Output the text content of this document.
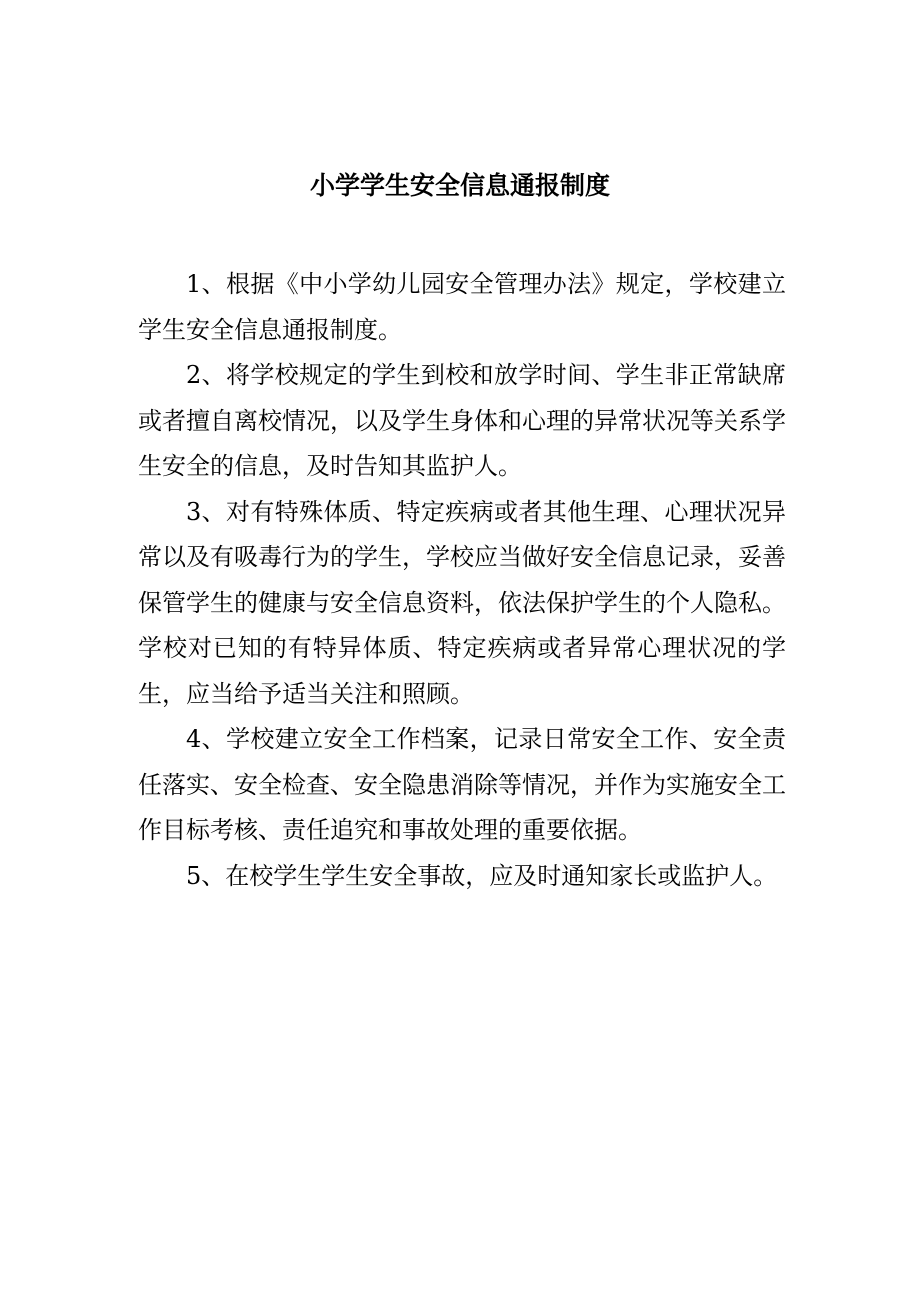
小学学生安全信息通报制度

1、根据《中小学幼儿园安全管理办法》规定，学校建立学生安全信息通报制度。

2、将学校规定的学生到校和放学时间、学生非正常缺席或者擅自离校情况，以及学生身体和心理的异常状况等关系学生安全的信息，及时告知其监护人。

3、对有特殊体质、特定疾病或者其他生理、心理状况异常以及有吸毒行为的学生，学校应当做好安全信息记录，妥善保管学生的健康与安全信息资料，依法保护学生的个人隐私。学校对已知的有特异体质、特定疾病或者异常心理状况的学生，应当给予适当关注和照顾。

4、学校建立安全工作档案，记录日常安全工作、安全责任落实、安全检查、安全隐患消除等情况，并作为实施安全工作目标考核、责任追究和事故处理的重要依据。

5、在校学生学生安全事故，应及时通知家长或监护人。
